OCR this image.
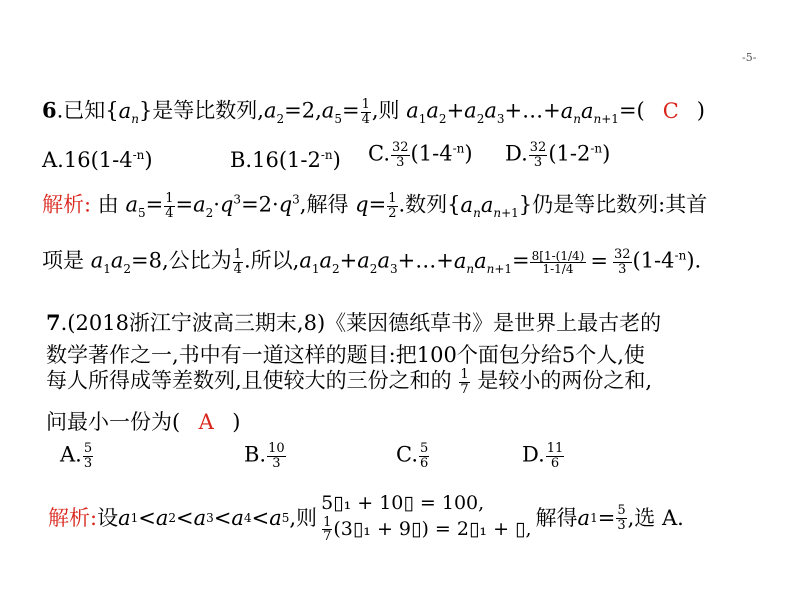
-5-
6.已知$\{a_n\}$是等比数列$,a_2=2,a_5= \frac{1}{4}$ ,则 $a_1a_2+a_2a_3+\dots+a_na_{n+1}=$( C )
$A.16(1-4^{-n})$	$B.16(1-2^{-n})$ C. $\frac{32}{3} (1-4^{-n})$ D. $\frac{32}{3} (1-2^{-n})$
解析: 由 $a_5= \frac{1}{4} =a_2\cdot q^3=2\cdot q^3$,解得 $q= \frac{1}{2}$ .数列$\{a_na_{n+1}\}$仍是等比数列:其首
项是 $a_1a_2=8$,公比为 $\frac{1}{4}$ .所以$,a_1a_2+a_2a_3+\dots+a_na_{n+1}= \frac{8[1-(1/4)}{1-1/4} = \frac{32}{3} (1-4^{-n})$.
7.(2018浙江宁波高三期末,8)《莱因德纸草书》是世界上最古老的
数学著作之一,书中有一道这样的题目:把100个面包分给5个人,使
每人所得成等差数列,且使较大的三份之和的 $\frac{1}{7}$ 是较小的两份之和,
问最小一份为( A )
A. $\frac{5}{3}$	B. $\frac{10}{3}$	C. $\frac{5}{6}$	D. $\frac{11}{6}$
解析: 设 a 1 < a 2 < a 3 < a 4 < a 5 ,则
5▯₁ + 10▯ = 100,
$\frac{1}{7}$ (3▯₁ + 9▯) = 2▯₁ + ▯, 解得 a $1 = \frac{5}{3}$ ,选 A.
